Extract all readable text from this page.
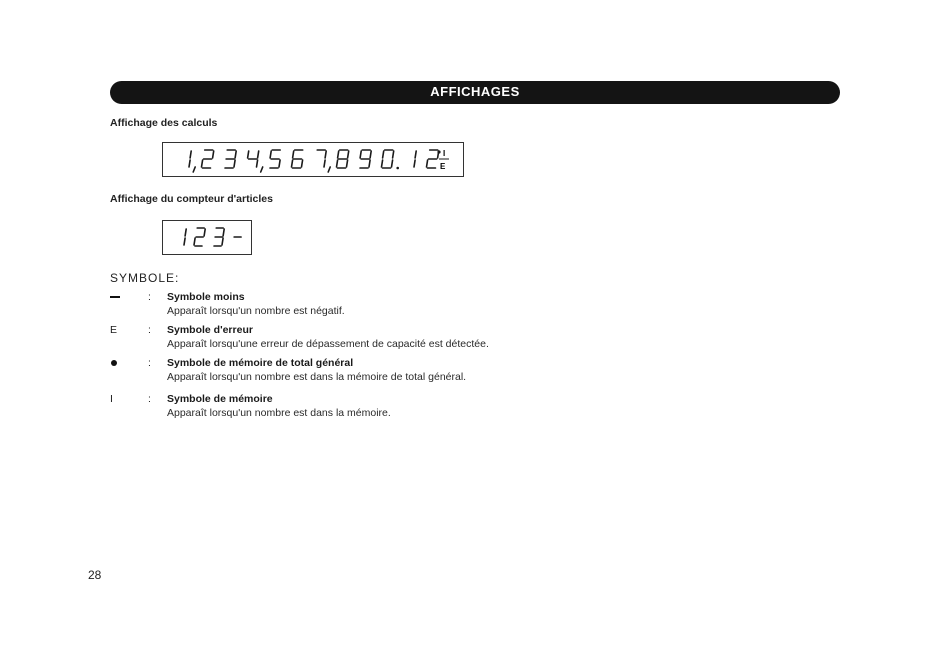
AFFICHAGES
Affichage des calculs
I
E
Affichage du compteur d'articles
SYMBOLE:
: Symbole moins
Apparaît lorsqu'un nombre est négatif.
E	: Symbole d'erreur
Apparaît lorsqu'une erreur de dépassement de capacité est détectée.
: Symbole de mémoire de total général
Apparaît lorsqu'un nombre est dans la mémoire de total général.
I	: Symbole de mémoire
Apparaît lorsqu'un nombre est dans la mémoire.
28
